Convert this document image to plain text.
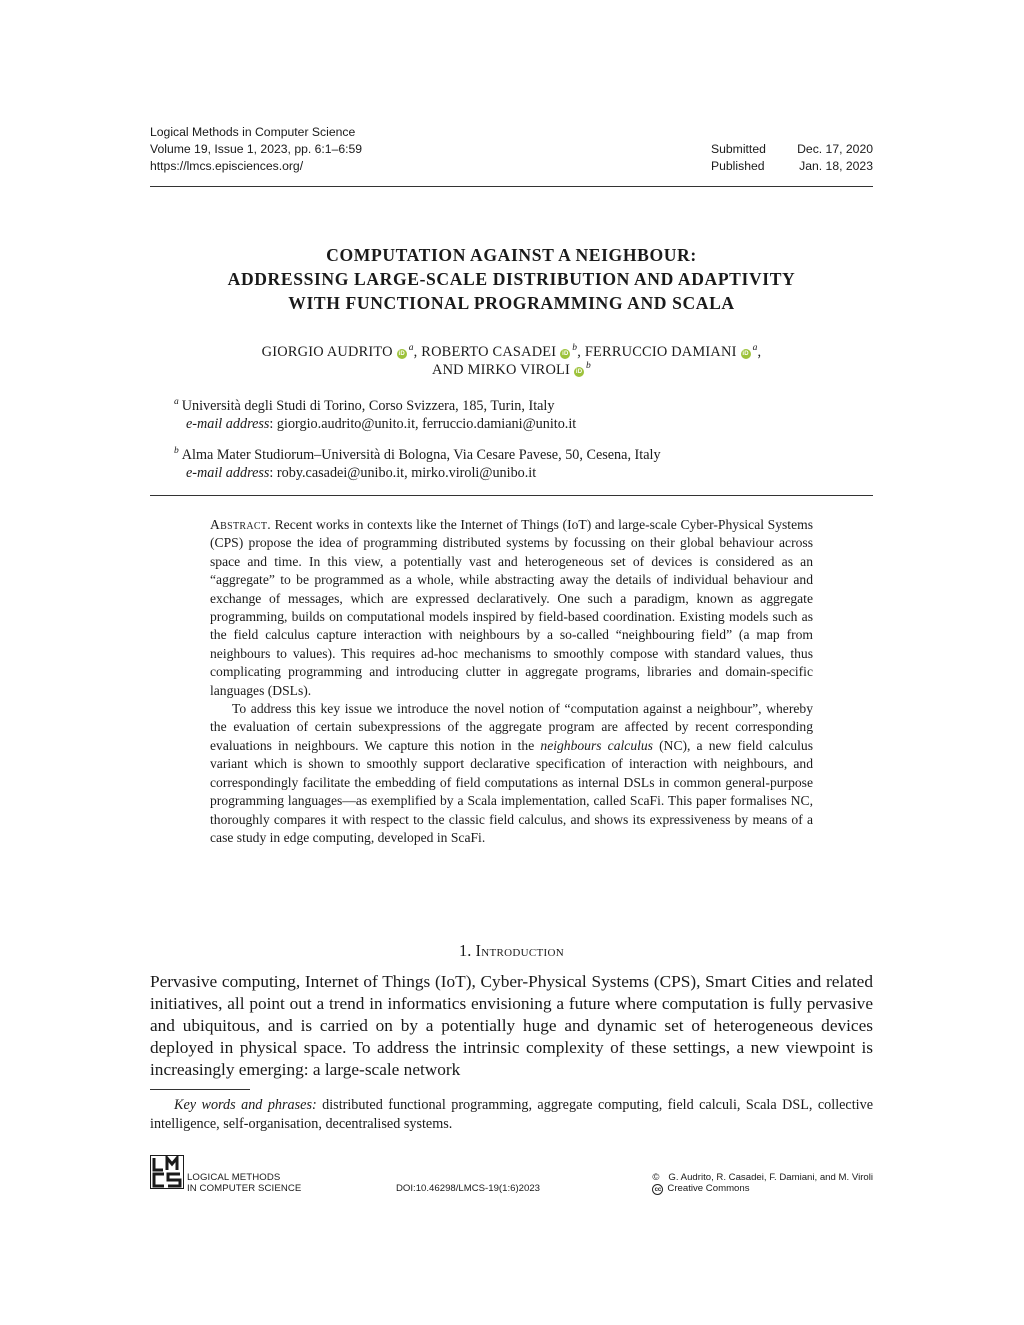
Logical Methods in Computer Science
Volume 19, Issue 1, 2023, pp. 6:1–6:59
https://lmcs.episciences.org/
Submitted	Dec. 17, 2020
Published	Jan. 18, 2023
COMPUTATION AGAINST A NEIGHBOUR:
ADDRESSING LARGE-SCALE DISTRIBUTION AND ADAPTIVITY
WITH FUNCTIONAL PROGRAMMING AND SCALA
GIORGIO AUDRITO $iD^a$, ROBERTO CASADEI $iD^b$, FERRUCCIO DAMIANI $iD^a$,
AND MIRKO VIROLI $iD^b$
$^a$ Università degli Studi di Torino, Corso Svizzera, 185, Turin, Italy
e-mail address: giorgio.audrito@unito.it, ferruccio.damiani@unito.it
$^b$ Alma Mater Studiorum–Università di Bologna, Via Cesare Pavese, 50, Cesena, Italy
e-mail address: roby.casadei@unibo.it, mirko.viroli@unibo.it

Abstract. Recent works in contexts like the Internet of Things (IoT) and large-scale Cyber-Physical Systems (CPS) propose the idea of programming distributed systems by focussing on their global behaviour across space and time. In this view, a potentially vast and heterogeneous set of devices is considered as an “aggregate” to be programmed as a whole, while abstracting away the details of individual behaviour and exchange of messages, which are expressed declaratively. One such a paradigm, known as aggregate programming, builds on computational models inspired by field-based coordination. Existing models such as the field calculus capture interaction with neighbours by a so-called “neighbouring field” (a map from neighbours to values). This requires ad-hoc mechanisms to smoothly compose with standard values, thus complicating programming and introducing clutter in aggregate programs, libraries and domain-specific languages (DSLs).

To address this key issue we introduce the novel notion of “computation against a neighbour”, whereby the evaluation of certain subexpressions of the aggregate program are affected by recent corresponding evaluations in neighbours. We capture this notion in the neighbours calculus (NC), a new field calculus variant which is shown to smoothly support declarative specification of interaction with neighbours, and correspondingly facilitate the embedding of field computations as internal DSLs in common general-purpose programming languages—as exemplified by a Scala implementation, called ScaFi. This paper formalises NC, thoroughly compares it with respect to the classic field calculus, and shows its expressiveness by means of a case study in edge computing, developed in ScaFi.

1. Introduction
Pervasive computing, Internet of Things (IoT), Cyber-Physical Systems (CPS), Smart Cities and related initiatives, all point out a trend in informatics envisioning a future where computation is fully pervasive and ubiquitous, and is carried on by a potentially huge and dynamic set of heterogeneous devices deployed in physical space. To address the intrinsic complexity of these settings, a new viewpoint is increasingly emerging: a large-scale network
Key words and phrases: distributed functional programming, aggregate computing, field calculi, Scala DSL, collective intelligence, self-organisation, decentralised systems.
LOGICAL METHODS
IN COMPUTER SCIENCE	DOI:10.46298/LMCS-19(1:6)2023
© G. Audrito, R. Casadei, F. Damiani, and M. Viroli
cc Creative Commons
